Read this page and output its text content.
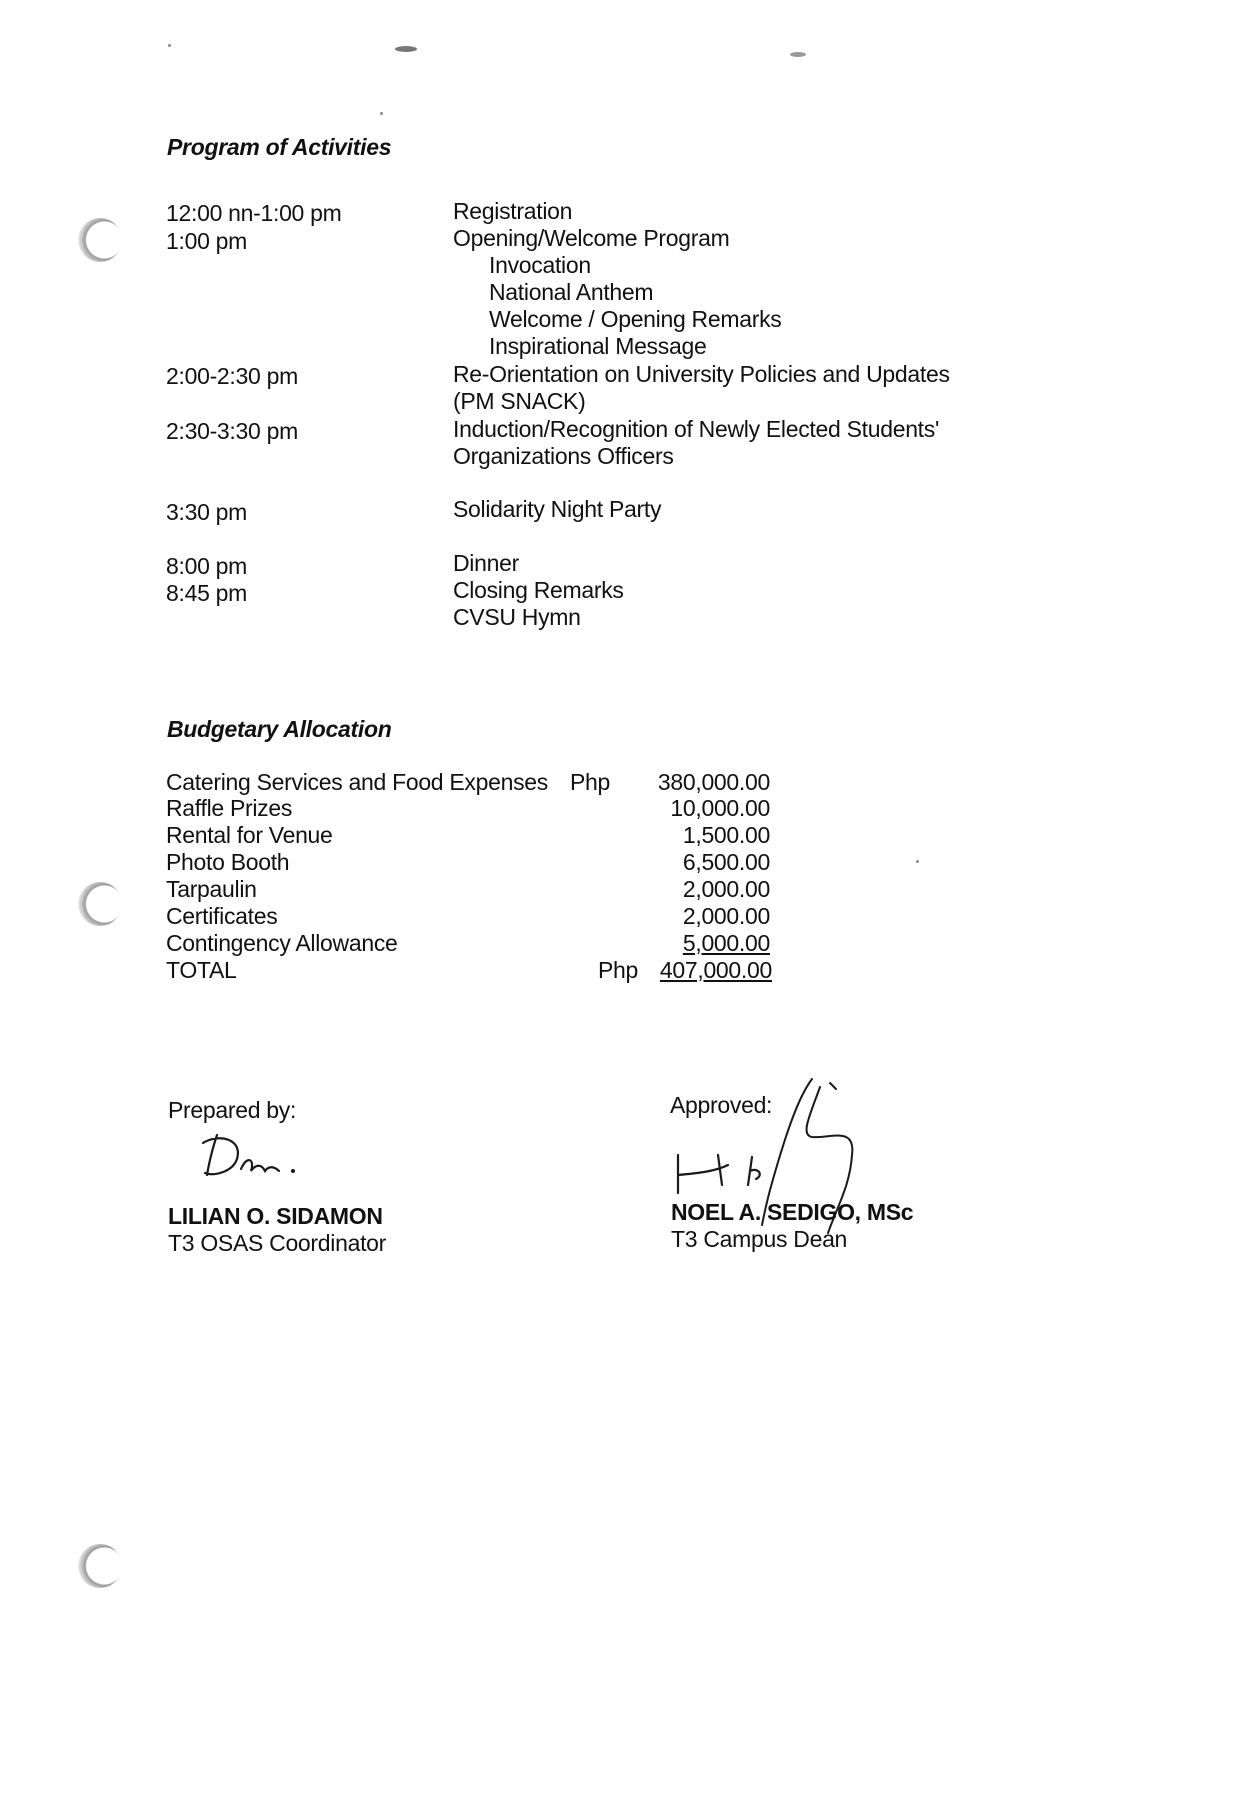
Program of Activities
12:00 nn-1:00 pm	Registration
1:00 pm	Opening/Welcome Program
Invocation
National Anthem
Welcome / Opening Remarks
Inspirational Message
2:00-2:30 pm	Re-Orientation on University Policies and Updates
(PM SNACK)
2:30-3:30 pm	Induction/Recognition of Newly Elected Students'
Organizations Officers
3:30 pm	Solidarity Night Party
8:00 pm	Dinner
8:45 pm	Closing Remarks
CVSU Hymn
Budgetary Allocation
Catering Services and Food Expenses Php	380,000.00
Raffle Prizes	10,000.00
Rental for Venue	1,500.00
Photo Booth	6,500.00
Tarpaulin	2,000.00
Certificates	2,000.00
Contingency Allowance	5,000.00
TOTAL	Php 407,000.00
Prepared by:
LILIAN O. SIDAMON
T3 OSAS Coordinator
Approved:
NOEL A. SEDIGO, MSc
T3 Campus Dean
